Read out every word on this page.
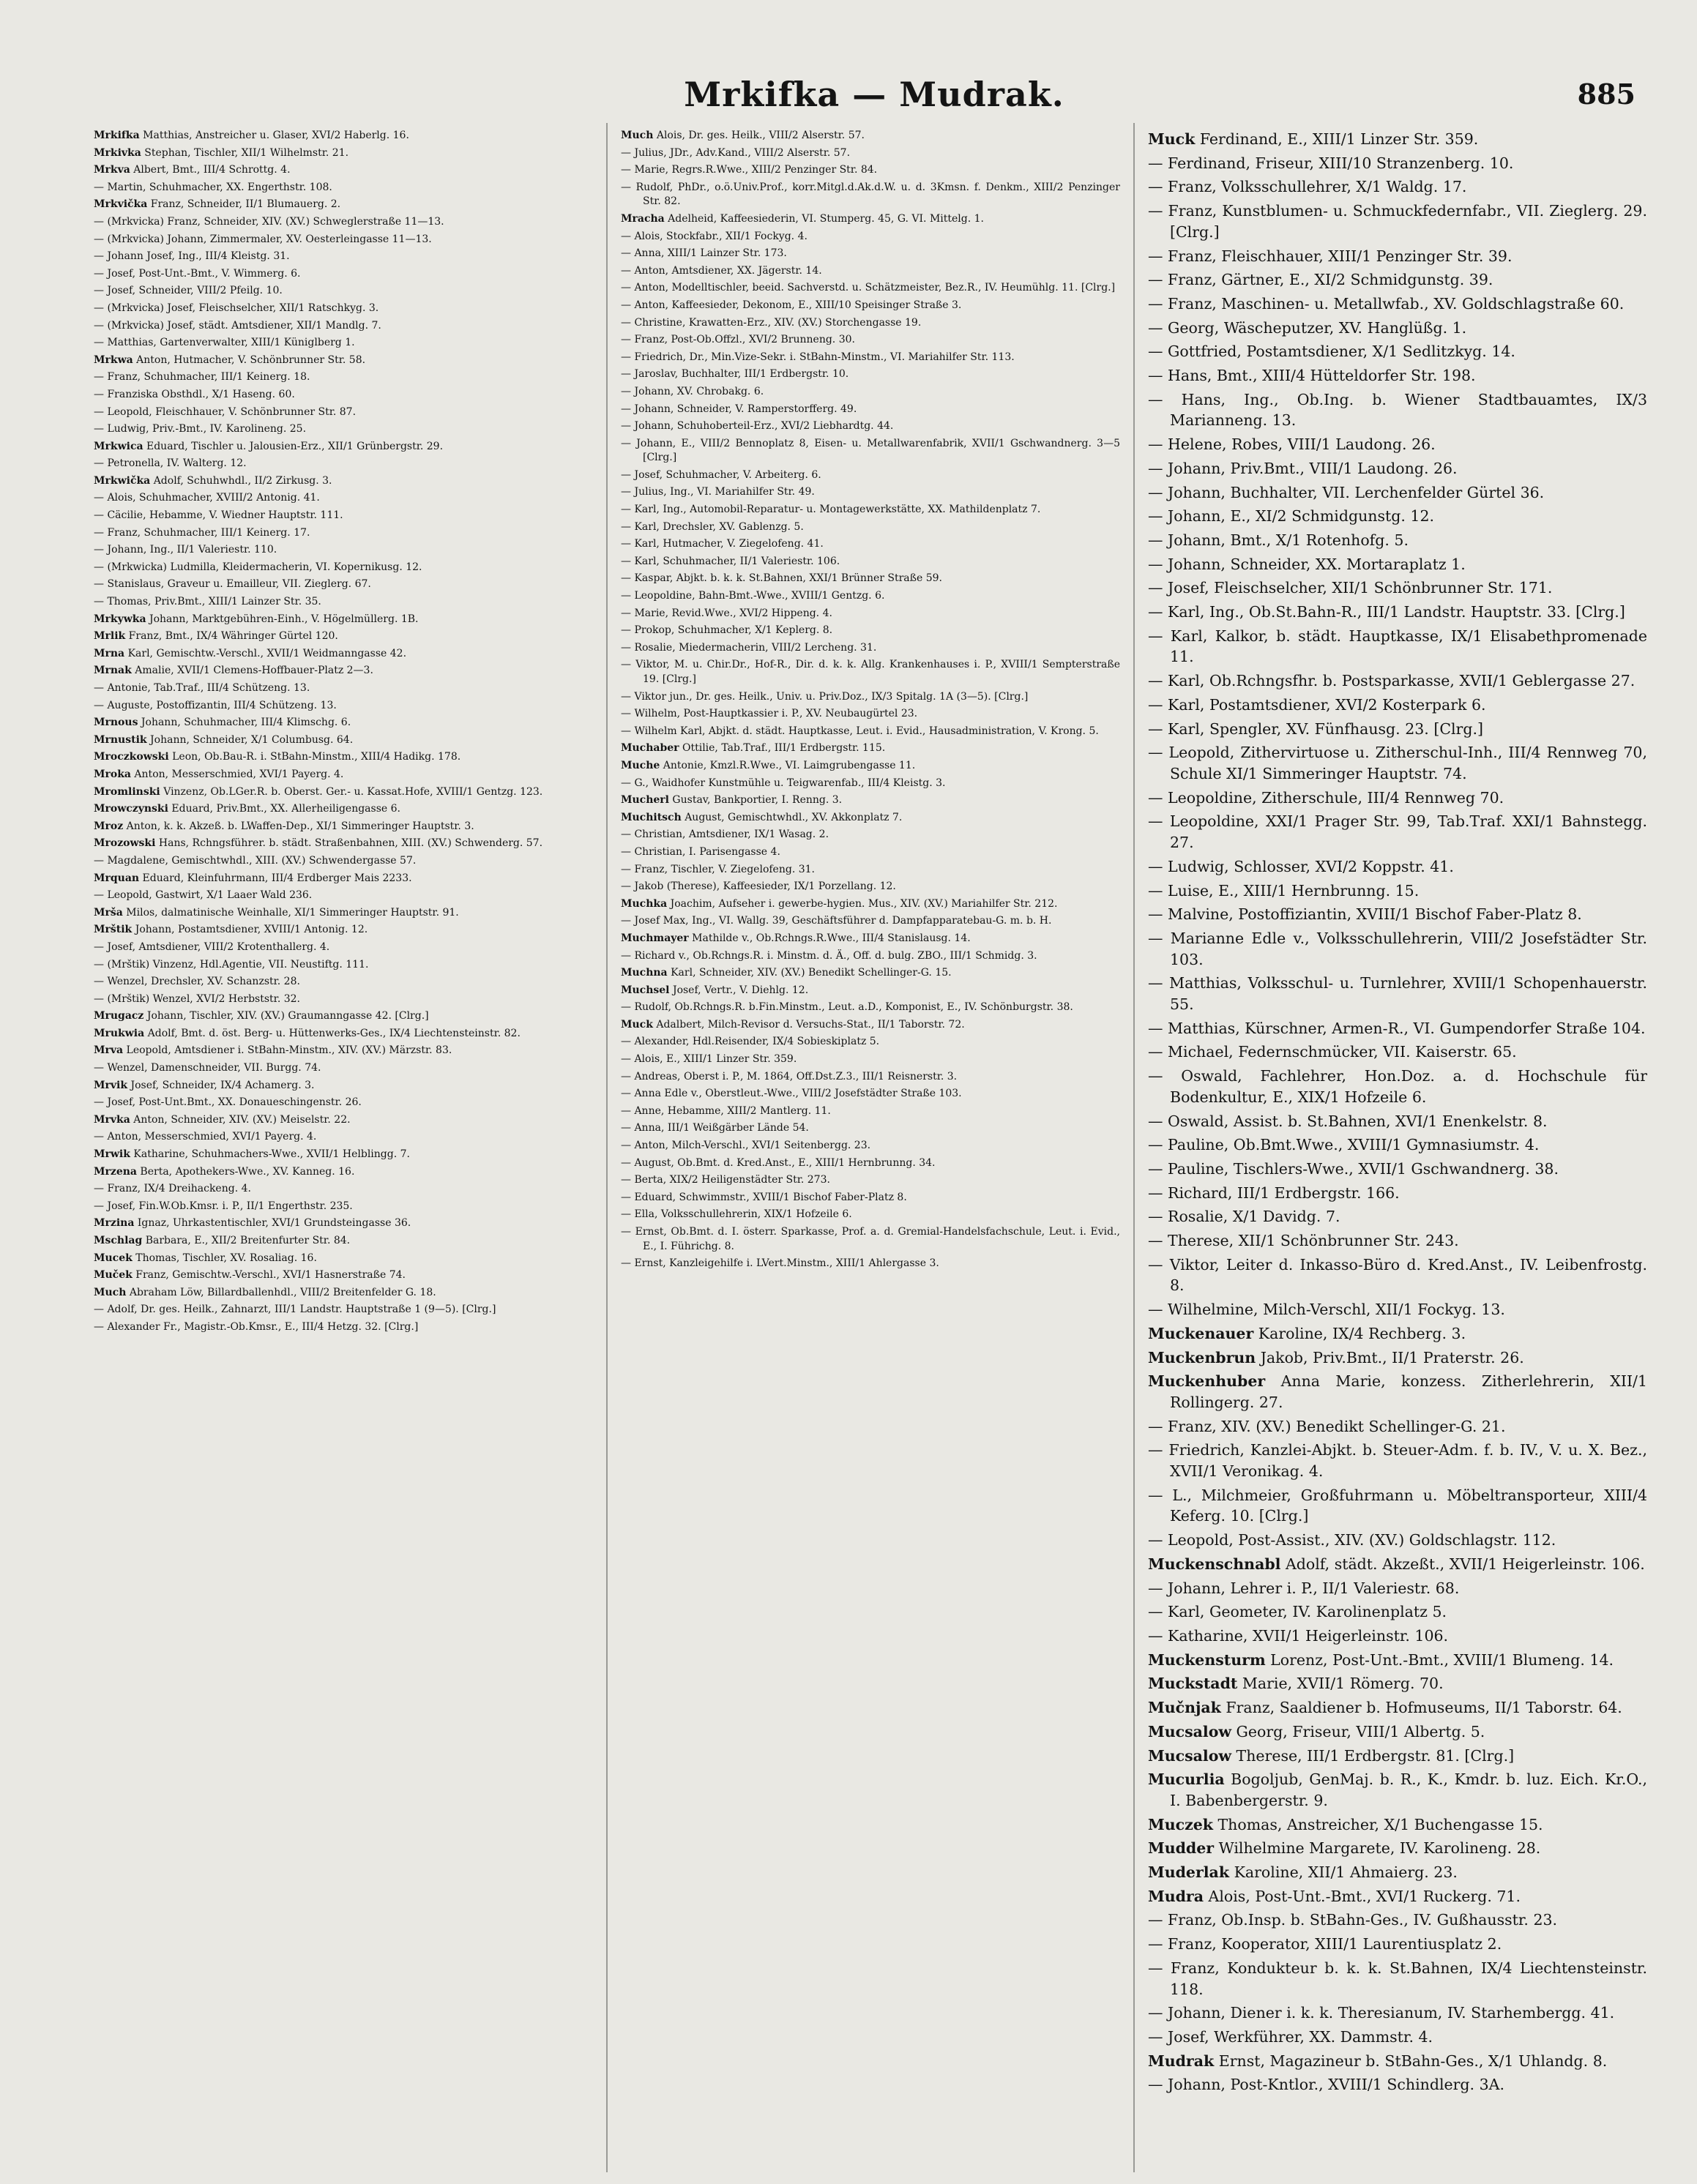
Mrkifka — Mudrak.	885

Mrkifka Matthias, Anstreicher u. Glaser, XVI/2 Haberlg. 16.

Mrkivka Stephan, Tischler, XII/1 Wilhelmstr. 21.

Mrkva Albert, Bmt., III/4 Schrottg. 4.

— Martin, Schuhmacher, XX. Engerthstr. 108.

Mrkvička Franz, Schneider, II/1 Blumauerg. 2.

— (Mrkvicka) Franz, Schneider, XIV. (XV.) Schweglerstraße 11—13.

— (Mrkvicka) Johann, Zimmermaler, XV. Oesterleingasse 11—13.

— Johann Josef, Ing., III/4 Kleistg. 31.

— Josef, Post-Unt.-Bmt., V. Wimmerg. 6.

— Josef, Schneider, VIII/2 Pfeilg. 10.

— (Mrkvicka) Josef, Fleischselcher, XII/1 Ratschkyg. 3.

— (Mrkvicka) Josef, städt. Amtsdiener, XII/1 Mandlg. 7.

— Matthias, Gartenverwalter, XIII/1 Küniglberg 1.

Mrkwa Anton, Hutmacher, V. Schönbrunner Str. 58.

— Franz, Schuhmacher, III/1 Keinerg. 18.

— Franziska Obsthdl., X/1 Haseng. 60.

— Leopold, Fleischhauer, V. Schönbrunner Str. 87.

— Ludwig, Priv.-Bmt., IV. Karolineng. 25.

Mrkwica Eduard, Tischler u. Jalousien-Erz., XII/1 Grünbergstr. 29.

— Petronella, IV. Walterg. 12.

Mrkwička Adolf, Schuhwhdl., II/2 Zirkusg. 3.

— Alois, Schuhmacher, XVIII/2 Antonig. 41.

— Cäcilie, Hebamme, V. Wiedner Hauptstr. 111.

— Franz, Schuhmacher, III/1 Keinerg. 17.

— Johann, Ing., II/1 Valeriestr. 110.

— (Mrkwicka) Ludmilla, Kleidermacherin, VI. Kopernikusg. 12.

— Stanislaus, Graveur u. Emailleur, VII. Zieglerg. 67.

— Thomas, Priv.Bmt., XIII/1 Lainzer Str. 35.

Mrkywka Johann, Marktgebühren-Einh., V. Högelmüllerg. 1B.

Mrlik Franz, Bmt., IX/4 Währinger Gürtel 120.

Mrna Karl, Gemischtw.-Verschl., XVII/1 Weidmanngasse 42.

Mrnak Amalie, XVII/1 Clemens-Hoffbauer-Platz 2—3.

— Antonie, Tab.Traf., III/4 Schützeng. 13.

— Auguste, Postoffizantin, III/4 Schützeng. 13.

Mrnous Johann, Schuhmacher, III/4 Klimschg. 6.

Mrnustik Johann, Schneider, X/1 Columbusg. 64.

Mroczkowski Leon, Ob.Bau-R. i. StBahn-Minstm., XIII/4 Hadikg. 178.

Mroka Anton, Messerschmied, XVI/1 Payerg. 4.

Mromlinski Vinzenz, Ob.LGer.R. b. Oberst. Ger.- u. Kassat.Hofe, XVIII/1 Gentzg. 123.

Mrowczynski Eduard, Priv.Bmt., XX. Allerheiligengasse 6.

Mroz Anton, k. k. Akzeß. b. LWaffen-Dep., XI/1 Simmeringer Hauptstr. 3.

Mrozowski Hans, Rchngsführer. b. städt. Straßenbahnen, XIII. (XV.) Schwenderg. 57.

— Magdalene, Gemischtwhdl., XIII. (XV.) Schwendergasse 57.

Mrquan Eduard, Kleinfuhrmann, III/4 Erdberger Mais 2233.

— Leopold, Gastwirt, X/1 Laaer Wald 236.

Mrša Milos, dalmatinische Weinhalle, XI/1 Simmeringer Hauptstr. 91.

Mrštik Johann, Postamtsdiener, XVIII/1 Antonig. 12.

— Josef, Amtsdiener, VIII/2 Krotenthallerg. 4.

— (Mrštik) Vinzenz, Hdl.Agentie, VII. Neustiftg. 111.

— Wenzel, Drechsler, XV. Schanzstr. 28.

— (Mrštik) Wenzel, XVI/2 Herbststr. 32.

Mrugacz Johann, Tischler, XIV. (XV.) Graumanngasse 42. [Clrg.]

Mrukwia Adolf, Bmt. d. öst. Berg- u. Hüttenwerks-Ges., IX/4 Liechtensteinstr. 82.

Mrva Leopold, Amtsdiener i. StBahn-Minstm., XIV. (XV.) Märzstr. 83.

— Wenzel, Damenschneider, VII. Burgg. 74.

Mrvik Josef, Schneider, IX/4 Achamerg. 3.

— Josef, Post-Unt.Bmt., XX. Donaueschingenstr. 26.

Mrvka Anton, Schneider, XIV. (XV.) Meiselstr. 22.

— Anton, Messerschmied, XVI/1 Payerg. 4.

Mrwik Katharine, Schuhmachers-Wwe., XVII/1 Helblingg. 7.

Mrzena Berta, Apothekers-Wwe., XV. Kanneg. 16.

— Franz, IX/4 Dreihackeng. 4.

— Josef, Fin.W.Ob.Kmsr. i. P., II/1 Engerthstr. 235.

Mrzina Ignaz, Uhrkastentischler, XVI/1 Grundsteingasse 36.

Mschlag Barbara, E., XII/2 Breitenfurter Str. 84.

Mucek Thomas, Tischler, XV. Rosaliag. 16.

Muček Franz, Gemischtw.-Verschl., XVI/1 Hasnerstraße 74.

Much Abraham Löw, Billardballenhdl., VIII/2 Breitenfelder G. 18.

— Adolf, Dr. ges. Heilk., Zahnarzt, III/1 Landstr. Hauptstraße 1 (9—5). [Clrg.]

— Alexander Fr., Magistr.-Ob.Kmsr., E., III/4 Hetzg. 32. [Clrg.]

Much Alois, Dr. ges. Heilk., VIII/2 Alserstr. 57.

— Julius, JDr., Adv.Kand., VIII/2 Alserstr. 57.

— Marie, Regrs.R.Wwe., XIII/2 Penzinger Str. 84.

— Rudolf, PhDr., o.ö.Univ.Prof., korr.Mitgl.d.Ak.d.W. u. d. 3Kmsn. f. Denkm., XIII/2 Penzinger Str. 82.

Mracha Adelheid, Kaffeesiederin, VI. Stumperg. 45, G. VI. Mittelg. 1.

— Alois, Stockfabr., XII/1 Fockyg. 4.

— Anna, XIII/1 Lainzer Str. 173.

— Anton, Amtsdiener, XX. Jägerstr. 14.

— Anton, Modelltischler, beeid. Sachverstd. u. Schätzmeister, Bez.R., IV. Heumühlg. 11. [Clrg.]

— Anton, Kaffeesieder, Dekonom, E., XIII/10 Speisinger Straße 3.

— Christine, Krawatten-Erz., XIV. (XV.) Storchengasse 19.

— Franz, Post-Ob.Offzl., XVI/2 Brunneng. 30.

— Friedrich, Dr., Min.Vize-Sekr. i. StBahn-Minstm., VI. Mariahilfer Str. 113.

— Jaroslav, Buchhalter, III/1 Erdbergstr. 10.

— Johann, XV. Chrobakg. 6.

— Johann, Schneider, V. Ramperstorfferg. 49.

— Johann, Schuhoberteil-Erz., XVI/2 Liebhardtg. 44.

— Johann, E., VIII/2 Bennoplatz 8, Eisen- u. Metallwarenfabrik, XVII/1 Gschwandnerg. 3—5 [Clrg.]

— Josef, Schuhmacher, V. Arbeiterg. 6.

— Julius, Ing., VI. Mariahilfer Str. 49.

— Karl, Ing., Automobil-Reparatur- u. Montagewerkstätte, XX. Mathildenplatz 7.

— Karl, Drechsler, XV. Gablenzg. 5.

— Karl, Hutmacher, V. Ziegelofeng. 41.

— Karl, Schuhmacher, II/1 Valeriestr. 106.

— Kaspar, Abjkt. b. k. k. St.Bahnen, XXI/1 Brünner Straße 59.

— Leopoldine, Bahn-Bmt.-Wwe., XVIII/1 Gentzg. 6.

— Marie, Revid.Wwe., XVI/2 Hippeng. 4.

— Prokop, Schuhmacher, X/1 Keplerg. 8.

— Rosalie, Miedermacherin, VIII/2 Lercheng. 31.

— Viktor, M. u. Chir.Dr., Hof-R., Dir. d. k. k. Allg. Krankenhauses i. P., XVIII/1 Sempterstraße 19. [Clrg.]

— Viktor jun., Dr. ges. Heilk., Univ. u. Priv.Doz., IX/3 Spitalg. 1A (3—5). [Clrg.]

— Wilhelm, Post-Hauptkassier i. P., XV. Neubaugürtel 23.

— Wilhelm Karl, Abjkt. d. städt. Hauptkasse, Leut. i. Evid., Hausadministration, V. Krong. 5.

Muchaber Ottilie, Tab.Traf., III/1 Erdbergstr. 115.

Muche Antonie, Kmzl.R.Wwe., VI. Laimgrubengasse 11.

— G., Waidhofer Kunstmühle u. Teigwarenfab., III/4 Kleistg. 3.

Mucherl Gustav, Bankportier, I. Renng. 3.

Muchitsch August, Gemischtwhdl., XV. Akkonplatz 7.

— Christian, Amtsdiener, IX/1 Wasag. 2.

— Christian, I. Parisengasse 4.

— Franz, Tischler, V. Ziegelofeng. 31.

— Jakob (Therese), Kaffeesieder, IX/1 Porzellang. 12.

Muchka Joachim, Aufseher i. gewerbe-hygien. Mus., XIV. (XV.) Mariahilfer Str. 212.

— Josef Max, Ing., VI. Wallg. 39, Geschäftsführer d. Dampfapparatebau-G. m. b. H.

Muchmayer Mathilde v., Ob.Rchngs.R.Wwe., III/4 Stanislausg. 14.

— Richard v., Ob.Rchngs.R. i. Minstm. d. Ä., Off. d. bulg. ZBO., III/1 Schmidg. 3.

Muchna Karl, Schneider, XIV. (XV.) Benedikt Schellinger-G. 15.

Muchsel Josef, Vertr., V. Diehlg. 12.

— Rudolf, Ob.Rchngs.R. b.Fin.Minstm., Leut. a.D., Komponist, E., IV. Schönburgstr. 38.

Muck Adalbert, Milch-Revisor d. Versuchs-Stat., II/1 Taborstr. 72.

— Alexander, Hdl.Reisender, IX/4 Sobieskiplatz 5.

— Alois, E., XIII/1 Linzer Str. 359.

— Andreas, Oberst i. P., M. 1864, Off.Dst.Z.3., III/1 Reisnerstr. 3.

— Anna Edle v., Oberstleut.-Wwe., VIII/2 Josefstädter Straße 103.

— Anne, Hebamme, XIII/2 Mantlerg. 11.

— Anna, III/1 Weißgärber Lände 54.

— Anton, Milch-Verschl., XVI/1 Seitenbergg. 23.

— August, Ob.Bmt. d. Kred.Anst., E., XIII/1 Hernbrunng. 34.

— Berta, XIX/2 Heiligenstädter Str. 273.

— Eduard, Schwimmstr., XVIII/1 Bischof Faber-Platz 8.

— Ella, Volksschullehrerin, XIX/1 Hofzeile 6.

— Ernst, Ob.Bmt. d. I. österr. Sparkasse, Prof. a. d. Gremial-Handelsfachschule, Leut. i. Evid., E., I. Führichg. 8.

— Ernst, Kanzleigehilfe i. LVert.Minstm., XIII/1 Ahlergasse 3.

Muck Ferdinand, E., XIII/1 Linzer Str. 359.

— Ferdinand, Friseur, XIII/10 Stranzenberg. 10.

— Franz, Volksschullehrer, X/1 Waldg. 17.

— Franz, Kunstblumen- u. Schmuckfedernfabr., VII. Zieglerg. 29. [Clrg.]

— Franz, Fleischhauer, XIII/1 Penzinger Str. 39.

— Franz, Gärtner, E., XI/2 Schmidgunstg. 39.

— Franz, Maschinen- u. Metallwfab., XV. Goldschlagstraße 60.

— Georg, Wäscheputzer, XV. Hanglüßg. 1.

— Gottfried, Postamtsdiener, X/1 Sedlitzkyg. 14.

— Hans, Bmt., XIII/4 Hütteldorfer Str. 198.

— Hans, Ing., Ob.Ing. b. Wiener Stadtbauamtes, IX/3 Marianneng. 13.

— Helene, Robes, VIII/1 Laudong. 26.

— Johann, Priv.Bmt., VIII/1 Laudong. 26.

— Johann, Buchhalter, VII. Lerchenfelder Gürtel 36.

— Johann, E., XI/2 Schmidgunstg. 12.

— Johann, Bmt., X/1 Rotenhofg. 5.

— Johann, Schneider, XX. Mortaraplatz 1.

— Josef, Fleischselcher, XII/1 Schönbrunner Str. 171.

— Karl, Ing., Ob.St.Bahn-R., III/1 Landstr. Hauptstr. 33. [Clrg.]

— Karl, Kalkor, b. städt. Hauptkasse, IX/1 Elisabethpromenade 11.

— Karl, Ob.Rchngsfhr. b. Postsparkasse, XVII/1 Geblergasse 27.

— Karl, Postamtsdiener, XVI/2 Kosterpark 6.

— Karl, Spengler, XV. Fünfhausg. 23. [Clrg.]

— Leopold, Zithervirtuose u. Zitherschul-Inh., III/4 Rennweg 70, Schule XI/1 Simmeringer Hauptstr. 74.

— Leopoldine, Zitherschule, III/4 Rennweg 70.

— Leopoldine, XXI/1 Prager Str. 99, Tab.Traf. XXI/1 Bahnstegg. 27.

— Ludwig, Schlosser, XVI/2 Koppstr. 41.

— Luise, E., XIII/1 Hernbrunng. 15.

— Malvine, Postoffiziantin, XVIII/1 Bischof Faber-Platz 8.

— Marianne Edle v., Volksschullehrerin, VIII/2 Josefstädter Str. 103.

— Matthias, Volksschul- u. Turnlehrer, XVIII/1 Schopenhauerstr. 55.

— Matthias, Kürschner, Armen-R., VI. Gumpendorfer Straße 104.

— Michael, Federnschmücker, VII. Kaiserstr. 65.

— Oswald, Fachlehrer, Hon.Doz. a. d. Hochschule für Bodenkultur, E., XIX/1 Hofzeile 6.

— Oswald, Assist. b. St.Bahnen, XVI/1 Enenkelstr. 8.

— Pauline, Ob.Bmt.Wwe., XVIII/1 Gymnasiumstr. 4.

— Pauline, Tischlers-Wwe., XVII/1 Gschwandnerg. 38.

— Richard, III/1 Erdbergstr. 166.

— Rosalie, X/1 Davidg. 7.

— Therese, XII/1 Schönbrunner Str. 243.

— Viktor, Leiter d. Inkasso-Büro d. Kred.Anst., IV. Leibenfrostg. 8.

— Wilhelmine, Milch-Verschl, XII/1 Fockyg. 13.

Muckenauer Karoline, IX/4 Rechberg. 3.

Muckenbrun Jakob, Priv.Bmt., II/1 Praterstr. 26.

Muckenhuber Anna Marie, konzess. Zitherlehrerin, XII/1 Rollingerg. 27.

— Franz, XIV. (XV.) Benedikt Schellinger-G. 21.

— Friedrich, Kanzlei-Abjkt. b. Steuer-Adm. f. b. IV., V. u. X. Bez., XVII/1 Veronikag. 4.

— L., Milchmeier, Großfuhrmann u. Möbeltransporteur, XIII/4 Keferg. 10. [Clrg.]

— Leopold, Post-Assist., XIV. (XV.) Goldschlagstr. 112.

Muckenschnabl Adolf, städt. Akzeßt., XVII/1 Heigerleinstr. 106.

— Johann, Lehrer i. P., II/1 Valeriestr. 68.

— Karl, Geometer, IV. Karolinenplatz 5.

— Katharine, XVII/1 Heigerleinstr. 106.

Muckensturm Lorenz, Post-Unt.-Bmt., XVIII/1 Blumeng. 14.

Muckstadt Marie, XVII/1 Römerg. 70.

Mučnjak Franz, Saaldiener b. Hofmuseums, II/1 Taborstr. 64.

Mucsalow Georg, Friseur, VIII/1 Albertg. 5.

Mucsalow Therese, III/1 Erdbergstr. 81. [Clrg.]

Mucurlia Bogoljub, GenMaj. b. R., K., Kmdr. b. luz. Eich. Kr.O., I. Babenbergerstr. 9.

Muczek Thomas, Anstreicher, X/1 Buchengasse 15.

Mudder Wilhelmine Margarete, IV. Karolineng. 28.

Muderlak Karoline, XII/1 Ahmaierg. 23.

Mudra Alois, Post-Unt.-Bmt., XVI/1 Ruckerg. 71.

— Franz, Ob.Insp. b. StBahn-Ges., IV. Gußhausstr. 23.

— Franz, Kooperator, XIII/1 Laurentiusplatz 2.

— Franz, Kondukteur b. k. k. St.Bahnen, IX/4 Liechtensteinstr. 118.

— Johann, Diener i. k. k. Theresianum, IV. Starhembergg. 41.

— Josef, Werkführer, XX. Dammstr. 4.

Mudrak Ernst, Magazineur b. StBahn-Ges., X/1 Uhlandg. 8.

— Johann, Post-Kntlor., XVIII/1 Schindlerg. 3A.
